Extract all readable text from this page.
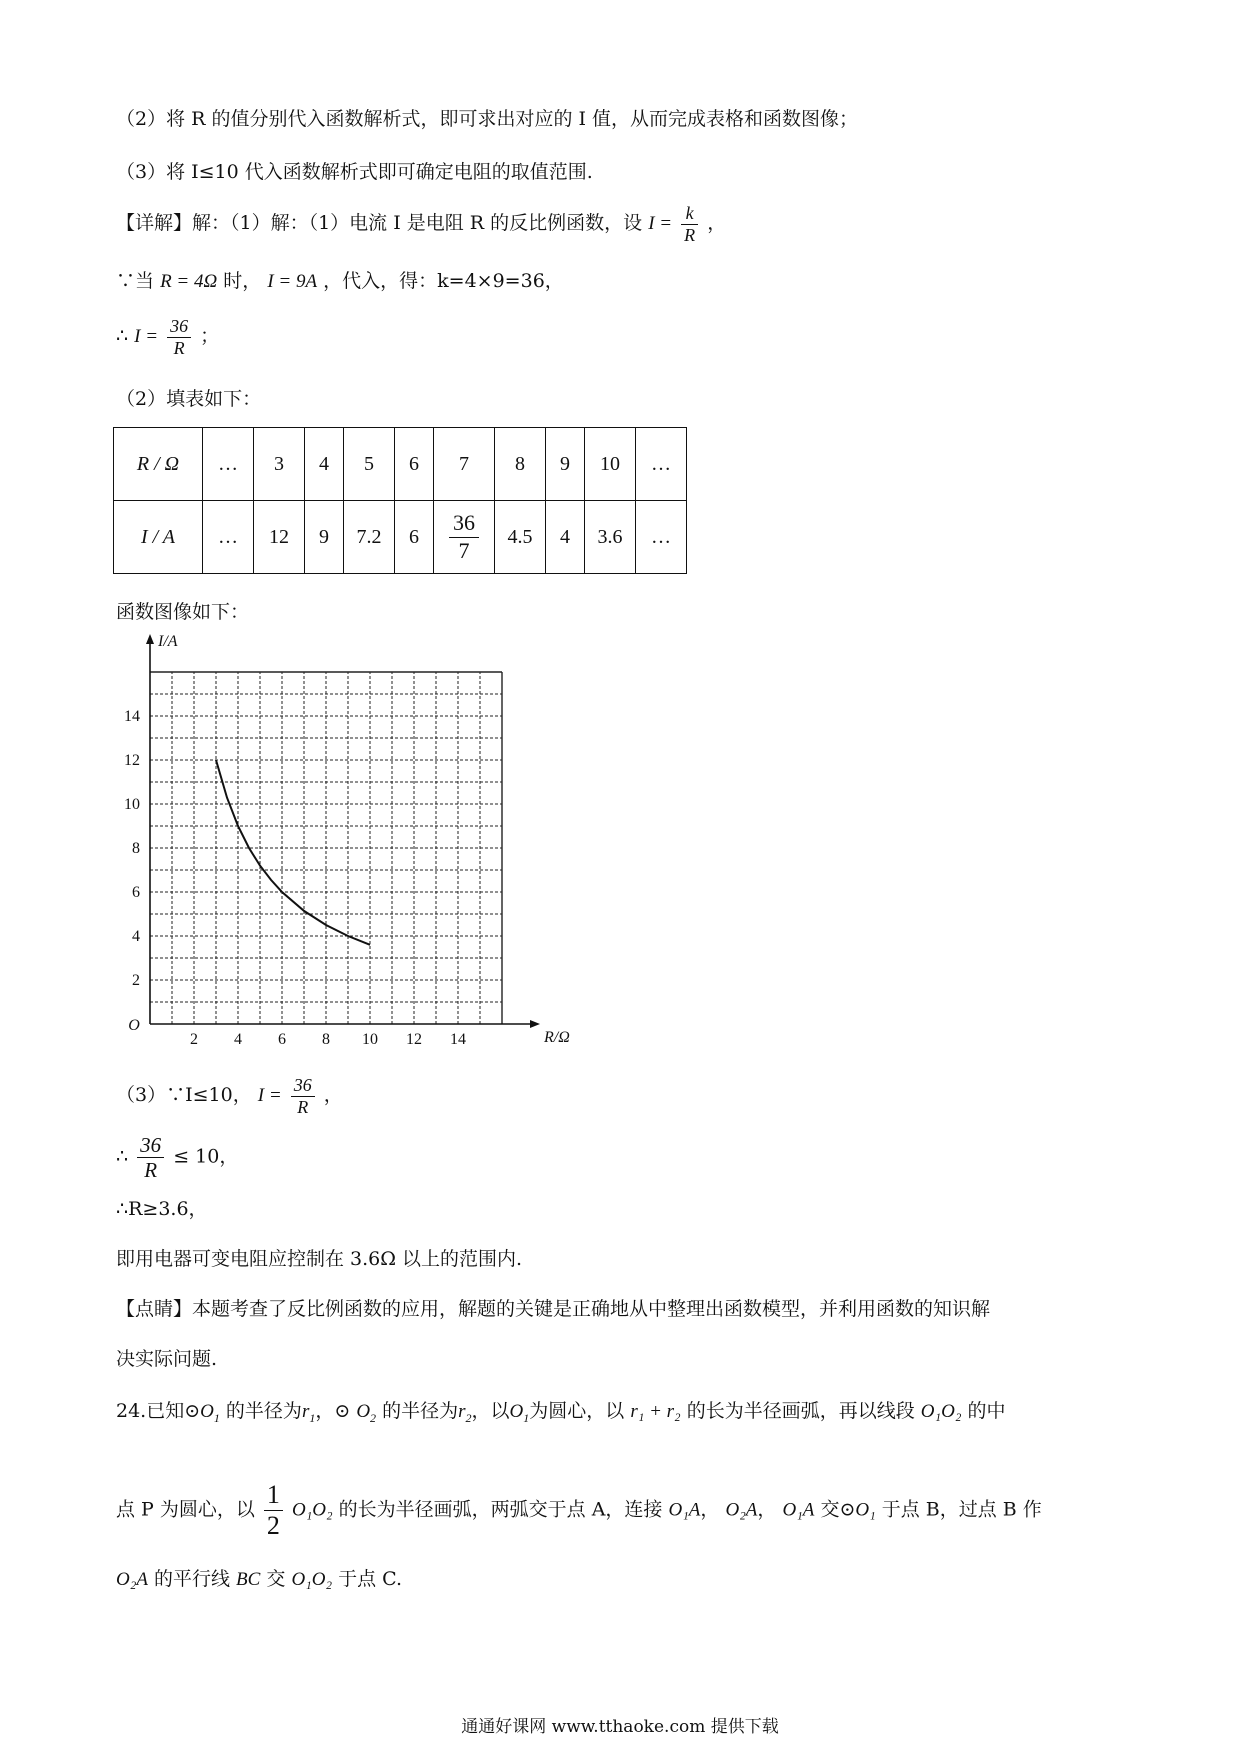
（2）将 R 的值分别代入函数解析式，即可求出对应的 I 值，从而完成表格和函数图像；
（3）将 I≤10 代入函数解析式即可确定电阻的取值范围.
【详解】解：（1）解：（1）电流 I 是电阻 R 的反比例函数，设 $I = \frac{k}{R}$ ，
∵当 R = 4Ω 时， I = 9A ，代入，得：k=4×9=36，
∴ $I = \frac{36}{R}$ ；
（2）填表如下：
R / Ω	…	3	4	5	6	7	8	9	10	…
I / A	…	12	9	7.2	6	$\frac{36}{7}$	4.5	4	3.6	…
函数图像如下：
2 4 6 8 10 12 14
2
4
6
8
10
12
14
O
R/Ω
I/A
（3）∵I≤10， $I = \frac{36}{R}$ ，
∴ $\frac{36}{R} \le 10$，
∴R≥3.6，
即用电器可变电阻应控制在 3.6Ω 以上的范围内.
【点睛】本题考查了反比例函数的应用，解题的关键是正确地从中整理出函数模型，并利用函数的知识解
决实际问题.
24.已知$⊙O_1$ 的半径为$r_1$，⊙ $O_2$ 的半径为$r_2$，以$O_1$为圆心，以 r₁ + r₂ 的长为半径画弧，再以线段 O₁O₂ 的中
点 P 为圆心，以 $\frac{1}{2} O_1O_2$ 的长为半径画弧，两弧交于点 A，连接 O₁A， O₂A， O₁A 交⊙O₁ 于点 B，过点 B 作
O₂A 的平行线 BC 交 O₁O₂ 于点 C.
通通好课网 www.tthaoke.com 提供下载
